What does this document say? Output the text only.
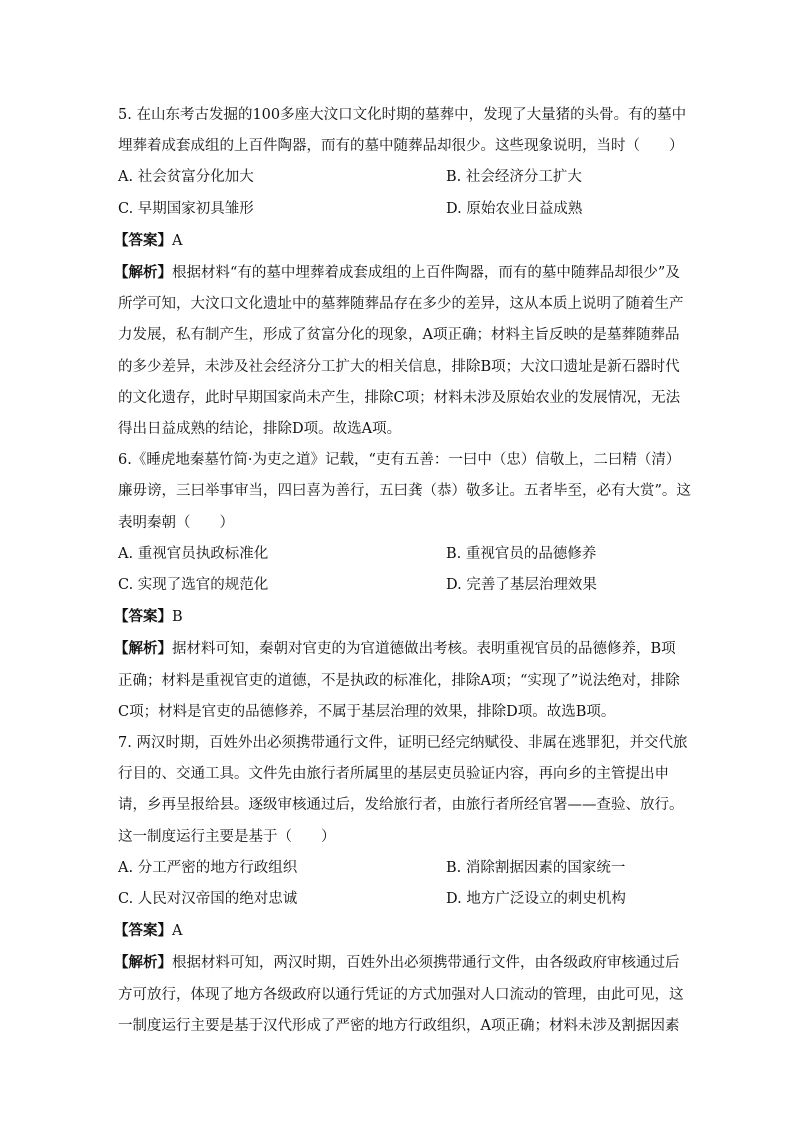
5. 在山东考古发掘的100多座大汶口文化时期的墓葬中，发现了大量猪的头骨。有的墓中
埋葬着成套成组的上百件陶器，而有的墓中随葬品却很少。这些现象说明，当时（　　）
A. 社会贫富分化加大	B. 社会经济分工扩大
C. 早期国家初具雏形	D. 原始农业日益成熟
【答案】A
【解析】根据材料“有的墓中埋葬着成套成组的上百件陶器，而有的墓中随葬品却很少”及
所学可知，大汶口文化遗址中的墓葬随葬品存在多少的差异，这从本质上说明了随着生产
力发展，私有制产生，形成了贫富分化的现象，A项正确；材料主旨反映的是墓葬随葬品
的多少差异，未涉及社会经济分工扩大的相关信息，排除B项；大汶口遗址是新石器时代
的文化遗存，此时早期国家尚未产生，排除C项；材料未涉及原始农业的发展情况，无法
得出日益成熟的结论，排除D项。故选A项。
6.《睡虎地秦墓竹简·为吏之道》记载，“吏有五善：一曰中（忠）信敬上，二曰精（清）
廉毋谤，三曰举事审当，四曰喜为善行，五曰龚（恭）敬多让。五者毕至，必有大赏”。这
表明秦朝（　　）
A. 重视官员执政标准化	B. 重视官员的品德修养
C. 实现了选官的规范化	D. 完善了基层治理效果
【答案】B
【解析】据材料可知，秦朝对官吏的为官道德做出考核。表明重视官员的品德修养，B项
正确；材料是重视官吏的道德，不是执政的标准化，排除A项；“实现了”说法绝对，排除
C项；材料是官吏的品德修养，不属于基层治理的效果，排除D项。故选B项。
7. 两汉时期，百姓外出必须携带通行文件，证明已经完纳赋役、非属在逃罪犯，并交代旅
行目的、交通工具。文件先由旅行者所属里的基层吏员验证内容，再向乡的主管提出申
请，乡再呈报给县。逐级审核通过后，发给旅行者，由旅行者所经官署——查验、放行。
这一制度运行主要是基于（　　）
A. 分工严密的地方行政组织	B. 消除割据因素的国家统一
C. 人民对汉帝国的绝对忠诚	D. 地方广泛设立的刺史机构
【答案】A
【解析】根据材料可知，两汉时期，百姓外出必须携带通行文件，由各级政府审核通过后
方可放行，体现了地方各级政府以通行凭证的方式加强对人口流动的管理，由此可见，这
一制度运行主要是基于汉代形成了严密的地方行政组织，A项正确；材料未涉及割据因素
